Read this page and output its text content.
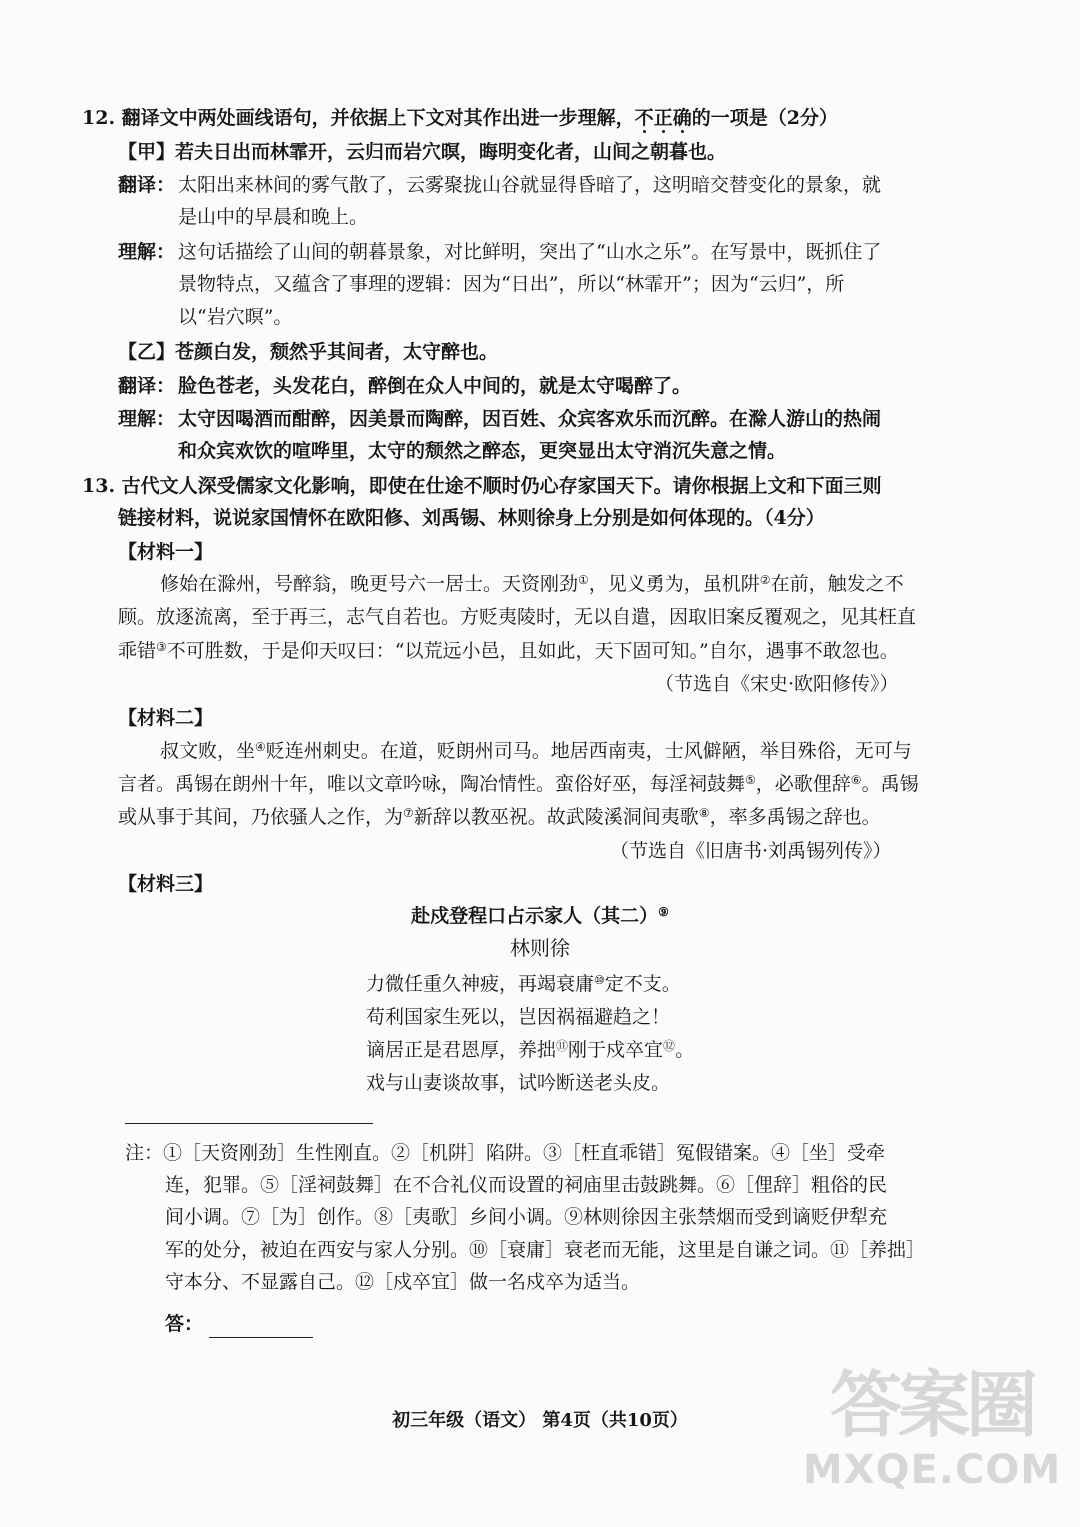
12. 翻译文中两处画线语句，并依据上下文对其作出进一步理解，不正确的一项是（2分）
【甲】若夫日出而林霏开，云归而岩穴暝，晦明变化者，山间之朝暮也。
翻译： 太阳出来林间的雾气散了，云雾聚拢山谷就显得昏暗了，这明暗交替变化的景象，就
是山中的早晨和晚上。
理解： 这句话描绘了山间的朝暮景象，对比鲜明，突出了“山水之乐”。在写景中，既抓住了
景物特点，又蕴含了事理的逻辑：因为“日出”，所以“林霏开”；因为“云归”，所
以“岩穴暝”。
【乙】苍颜白发，颓然乎其间者，太守醉也。
翻译： 脸色苍老，头发花白，醉倒在众人中间的，就是太守喝醉了。
理解： 太守因喝酒而酣醉，因美景而陶醉，因百姓、众宾客欢乐而沉醉。在滁人游山的热闹
和众宾欢饮的喧哗里，太守的颓然之醉态，更突显出太守消沉失意之情。
13. 古代文人深受儒家文化影响，即使在仕途不顺时仍心存家国天下。请你根据上文和下面三则
链接材料，说说家国情怀在欧阳修、刘禹锡、林则徐身上分别是如何体现的。（4分）
【材料一】
修始在滁州，号醉翁，晚更号六一居士。天资刚劲①，见义勇为，虽机阱②在前，触发之不
顾。放逐流离，至于再三，志气自若也。方贬夷陵时，无以自遣，因取旧案反覆观之，见其枉直
乖错③不可胜数，于是仰天叹曰：“以荒远小邑，且如此，天下固可知。”自尔，遇事不敢忽也。
（节选自《宋史·欧阳修传》）
【材料二】
叔文败，坐④贬连州刺史。在道，贬朗州司马。地居西南夷，士风僻陋，举目殊俗，无可与
言者。禹锡在朗州十年，唯以文章吟咏，陶冶情性。蛮俗好巫，每淫祠鼓舞⑤，必歌俚辞⑥。禹锡
或从事于其间，乃依骚人之作，为⑦新辞以教巫祝。故武陵溪洞间夷歌⑧，率多禹锡之辞也。
（节选自《旧唐书·刘禹锡列传》）
【材料三】
赴戍登程口占示家人（其二）⑨
林则徐
力微任重久神疲，再竭衰庸⑩定不支。
苟利国家生死以，岂因祸福避趋之！
谪居正是君恩厚，养拙⑪刚于戍卒宜⑫。
戏与山妻谈故事，试吟断送老头皮。
注：①［天资刚劲］生性刚直。②［机阱］陷阱。③［枉直乖错］冤假错案。④［坐］受牵
连，犯罪。⑤［淫祠鼓舞］在不合礼仪而设置的祠庙里击鼓跳舞。⑥［俚辞］粗俗的民
间小调。⑦［为］创作。⑧［夷歌］乡间小调。⑨林则徐因主张禁烟而受到谪贬伊犁充
军的处分，被迫在西安与家人分别。⑩［衰庸］衰老而无能，这里是自谦之词。⑪［养拙］
守本分、不显露自己。⑫［戍卒宜］做一名戍卒为适当。
答：
初三年级（语文） 第4页（共10页）	答案圈
MXQE.COM
